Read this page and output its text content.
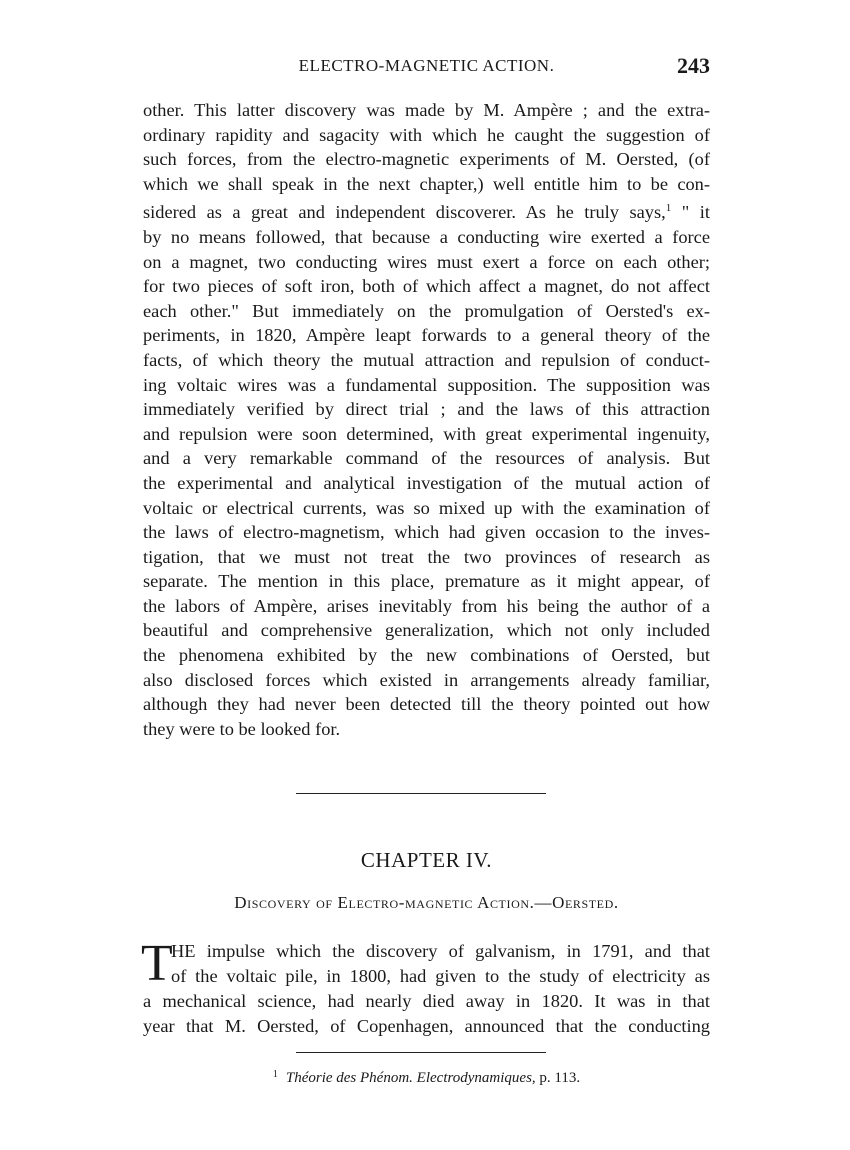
ELECTRO-MAGNETIC ACTION.	243
other. This latter discovery was made by M. Ampère ; and the extra-
ordinary rapidity and sagacity with which he caught the suggestion of
such forces, from the electro-magnetic experiments of M. Oersted, (of
which we shall speak in the next chapter,) well entitle him to be con-
sidered as a great and independent discoverer. As he truly says,$^1$ " it
by no means followed, that because a conducting wire exerted a force
on a magnet, two conducting wires must exert a force on each other;
for two pieces of soft iron, both of which affect a magnet, do not affect
each other." But immediately on the promulgation of Oersted's ex-
periments, in 1820, Ampère leapt forwards to a general theory of the
facts, of which theory the mutual attraction and repulsion of conduct-
ing voltaic wires was a fundamental supposition. The supposition was
immediately verified by direct trial ; and the laws of this attraction
and repulsion were soon determined, with great experimental ingenuity,
and a very remarkable command of the resources of analysis. But
the experimental and analytical investigation of the mutual action of
voltaic or electrical currents, was so mixed up with the examination of
the laws of electro-magnetism, which had given occasion to the inves-
tigation, that we must not treat the two provinces of research as
separate. The mention in this place, premature as it might appear, of
the labors of Ampère, arises inevitably from his being the author of a
beautiful and comprehensive generalization, which not only included
the phenomena exhibited by the new combinations of Oersted, but
also disclosed forces which existed in arrangements already familiar,
although they had never been detected till the theory pointed out how
they were to be looked for.
CHAPTER IV.
Discovery of Electro-magnetic Action.—Oersted.
T
HE impulse which the discovery of galvanism, in 1791, and that
of the voltaic pile, in 1800, had given to the study of electricity as
a mechanical science, had nearly died away in 1820. It was in that
year that M. Oersted, of Copenhagen, announced that the conducting
$^1$ Théorie des Phénom. Electrodynamiques, p. 113.
